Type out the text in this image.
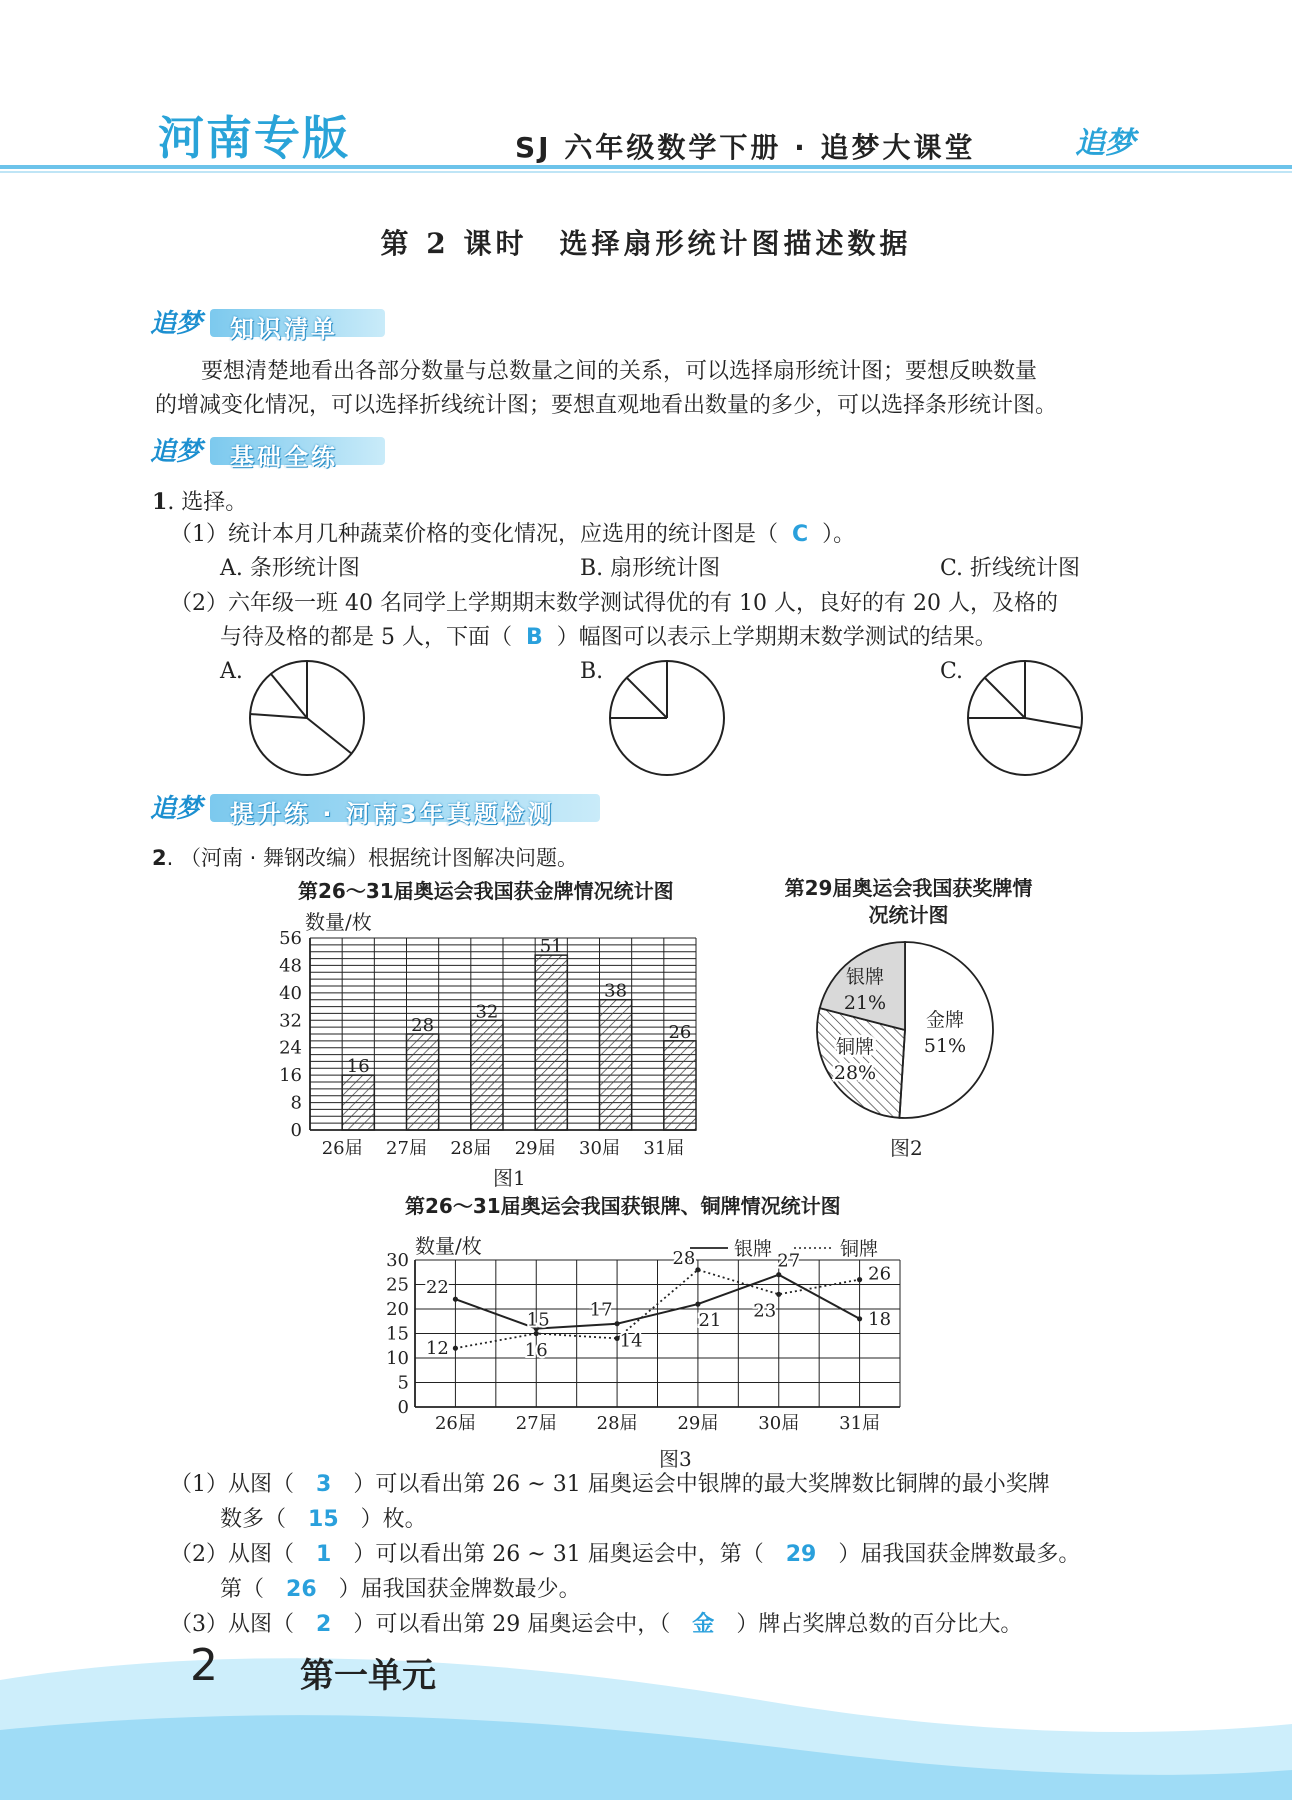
河南专版	SJ 六年级数学下册 · 追梦大课堂	追梦
第 2 课时　选择扇形统计图描述数据
追梦 知识清单
要想清楚地看出各部分数量与总数量之间的关系，可以选择扇形统计图；要想反映数量
的增减变化情况，可以选择折线统计图；要想直观地看出数量的多少，可以选择条形统计图。
追梦 基础全练
1. 选择。
（1）统计本月几种蔬菜价格的变化情况，应选用的统计图是（ C ）。
A. 条形统计图	B. 扇形统计图	C. 折线统计图
（2）六年级一班 40 名同学上学期期末数学测试得优的有 10 人，良好的有 20 人，及格的
与待及格的都是 5 人，下面（ B ）幅图可以表示上学期期末数学测试的结果。
A.	B.	C.
追梦 提升练 · 河南3年真题检测
2. （河南 · 舞钢改编）根据统计图解决问题。
第26～31届奥运会我国获金牌情况统计图
数量/枚
16
26届
28
27届
32
28届
51
29届
38
30届
26
31届
0
8
16
24
32
40
48
56
图1
第29届奥运会我国获奖牌情况统计图
金牌
51%
铜牌
28%
银牌
21%
图2
第26～31届奥运会我国获银牌、铜牌情况统计图
数量/枚
0
5
10
15
20
25
30
26届 27届 28届 29届 30届 31届
22
17	21
27
18
12
15
14
28
23
26
16
银牌	铜牌
图3
（1）从图（ 3 ）可以看出第 26 ~ 31 届奥运会中银牌的最大奖牌数比铜牌的最小奖牌
数多（ 15 ）枚。
（2）从图（ 1 ）可以看出第 26 ~ 31 届奥运会中，第（ 29 ）届我国获金牌数最多。
第（ 26 ）届我国获金牌数最少。
（3）从图（ 2 ）可以看出第 29 届奥运会中，（ 金 ）牌占奖牌总数的百分比大。
2 第一单元
